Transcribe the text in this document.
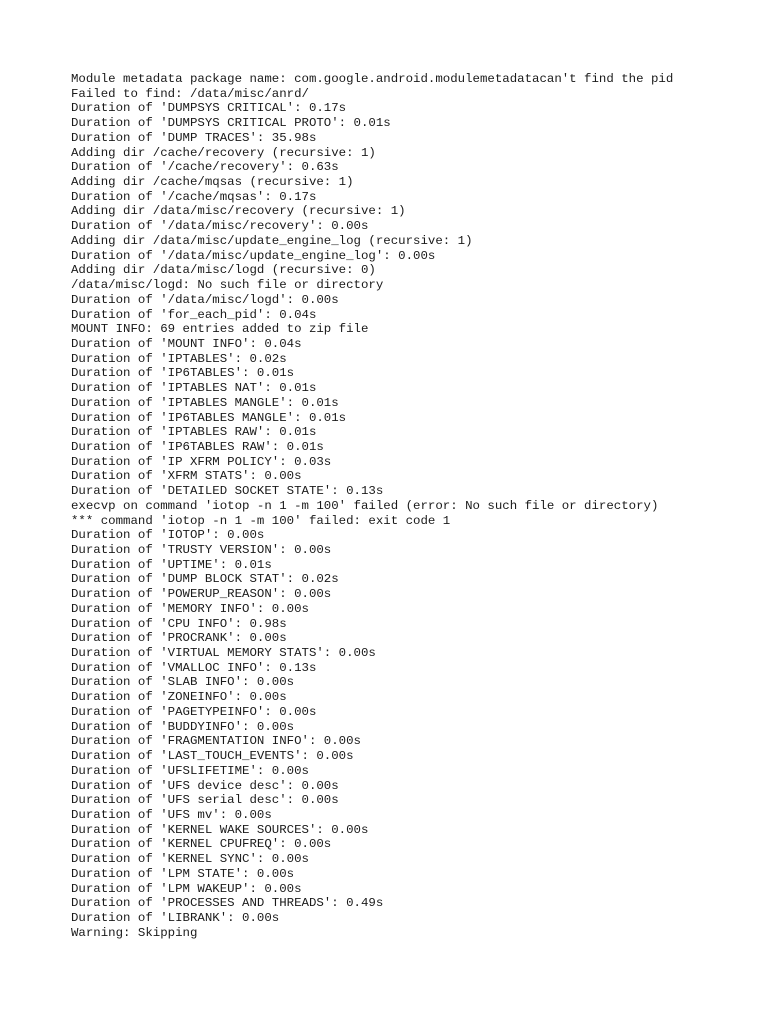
Module metadata package name: com.google.android.modulemetadatacan't find the pid
Failed to find: /data/misc/anrd/
Duration of 'DUMPSYS CRITICAL': 0.17s
Duration of 'DUMPSYS CRITICAL PROTO': 0.01s
Duration of 'DUMP TRACES': 35.98s
Adding dir /cache/recovery (recursive: 1)
Duration of '/cache/recovery': 0.63s
Adding dir /cache/mqsas (recursive: 1)
Duration of '/cache/mqsas': 0.17s
Adding dir /data/misc/recovery (recursive: 1)
Duration of '/data/misc/recovery': 0.00s
Adding dir /data/misc/update_engine_log (recursive: 1)
Duration of '/data/misc/update_engine_log': 0.00s
Adding dir /data/misc/logd (recursive: 0)
/data/misc/logd: No such file or directory
Duration of '/data/misc/logd': 0.00s
Duration of 'for_each_pid': 0.04s
MOUNT INFO: 69 entries added to zip file
Duration of 'MOUNT INFO': 0.04s
Duration of 'IPTABLES': 0.02s
Duration of 'IP6TABLES': 0.01s
Duration of 'IPTABLES NAT': 0.01s
Duration of 'IPTABLES MANGLE': 0.01s
Duration of 'IP6TABLES MANGLE': 0.01s
Duration of 'IPTABLES RAW': 0.01s
Duration of 'IP6TABLES RAW': 0.01s
Duration of 'IP XFRM POLICY': 0.03s
Duration of 'XFRM STATS': 0.00s
Duration of 'DETAILED SOCKET STATE': 0.13s
execvp on command 'iotop -n 1 -m 100' failed (error: No such file or directory)
*** command 'iotop -n 1 -m 100' failed: exit code 1
Duration of 'IOTOP': 0.00s
Duration of 'TRUSTY VERSION': 0.00s
Duration of 'UPTIME': 0.01s
Duration of 'DUMP BLOCK STAT': 0.02s
Duration of 'POWERUP_REASON': 0.00s
Duration of 'MEMORY INFO': 0.00s
Duration of 'CPU INFO': 0.98s
Duration of 'PROCRANK': 0.00s
Duration of 'VIRTUAL MEMORY STATS': 0.00s
Duration of 'VMALLOC INFO': 0.13s
Duration of 'SLAB INFO': 0.00s
Duration of 'ZONEINFO': 0.00s
Duration of 'PAGETYPEINFO': 0.00s
Duration of 'BUDDYINFO': 0.00s
Duration of 'FRAGMENTATION INFO': 0.00s
Duration of 'LAST_TOUCH_EVENTS': 0.00s
Duration of 'UFSLIFETIME': 0.00s
Duration of 'UFS device desc': 0.00s
Duration of 'UFS serial desc': 0.00s
Duration of 'UFS mv': 0.00s
Duration of 'KERNEL WAKE SOURCES': 0.00s
Duration of 'KERNEL CPUFREQ': 0.00s
Duration of 'KERNEL SYNC': 0.00s
Duration of 'LPM STATE': 0.00s
Duration of 'LPM WAKEUP': 0.00s
Duration of 'PROCESSES AND THREADS': 0.49s
Duration of 'LIBRANK': 0.00s
Warning: Skipping
